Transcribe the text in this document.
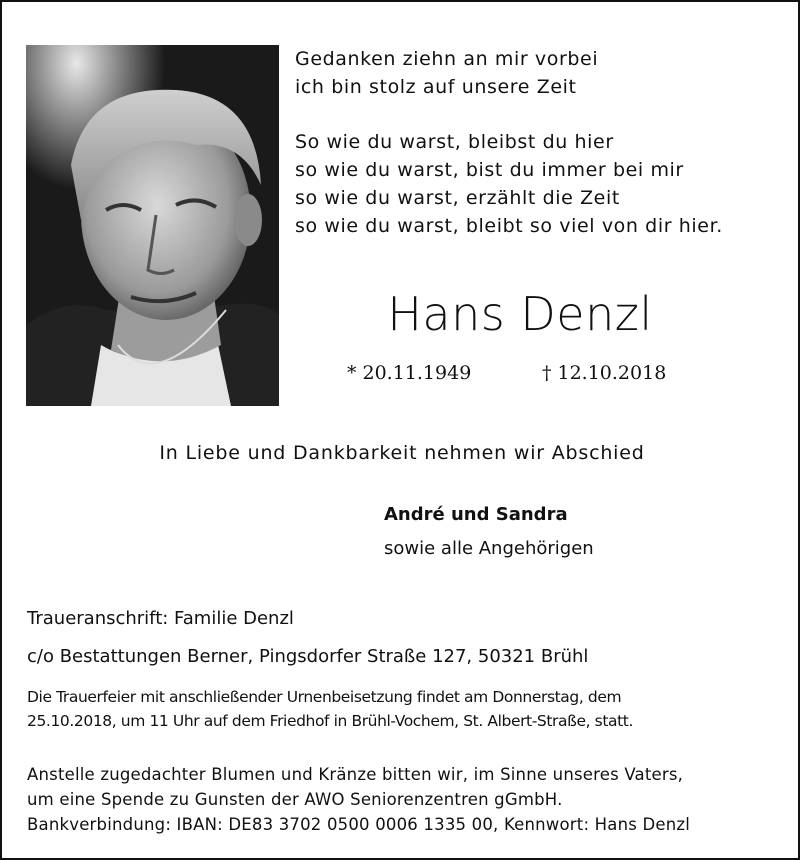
Gedanken ziehn an mir vorbei
ich bin stolz auf unsere Zeit
So wie du warst, bleibst du hier
so wie du warst, bist du immer bei mir
so wie du warst, erzählt die Zeit
so wie du warst, bleibt so viel von dir hier.
Hans Denzl
* 20.11.1949	† 12.10.2018
In Liebe und Dankbarkeit nehmen wir Abschied
André und Sandra
sowie alle Angehörigen
Traueranschrift: Familie Denzl
c/o Bestattungen Berner, Pingsdorfer Straße 127, 50321 Brühl
Die Trauerfeier mit anschließender Urnenbeisetzung findet am Donnerstag, dem
25.10.2018, um 11 Uhr auf dem Friedhof in Brühl-Vochem, St. Albert-Straße, statt.
Anstelle zugedachter Blumen und Kränze bitten wir, im Sinne unseres Vaters,
um eine Spende zu Gunsten der AWO Seniorenzentren gGmbH.
Bankverbindung: IBAN: DE83 3702 0500 0006 1335 00, Kennwort: Hans Denzl
